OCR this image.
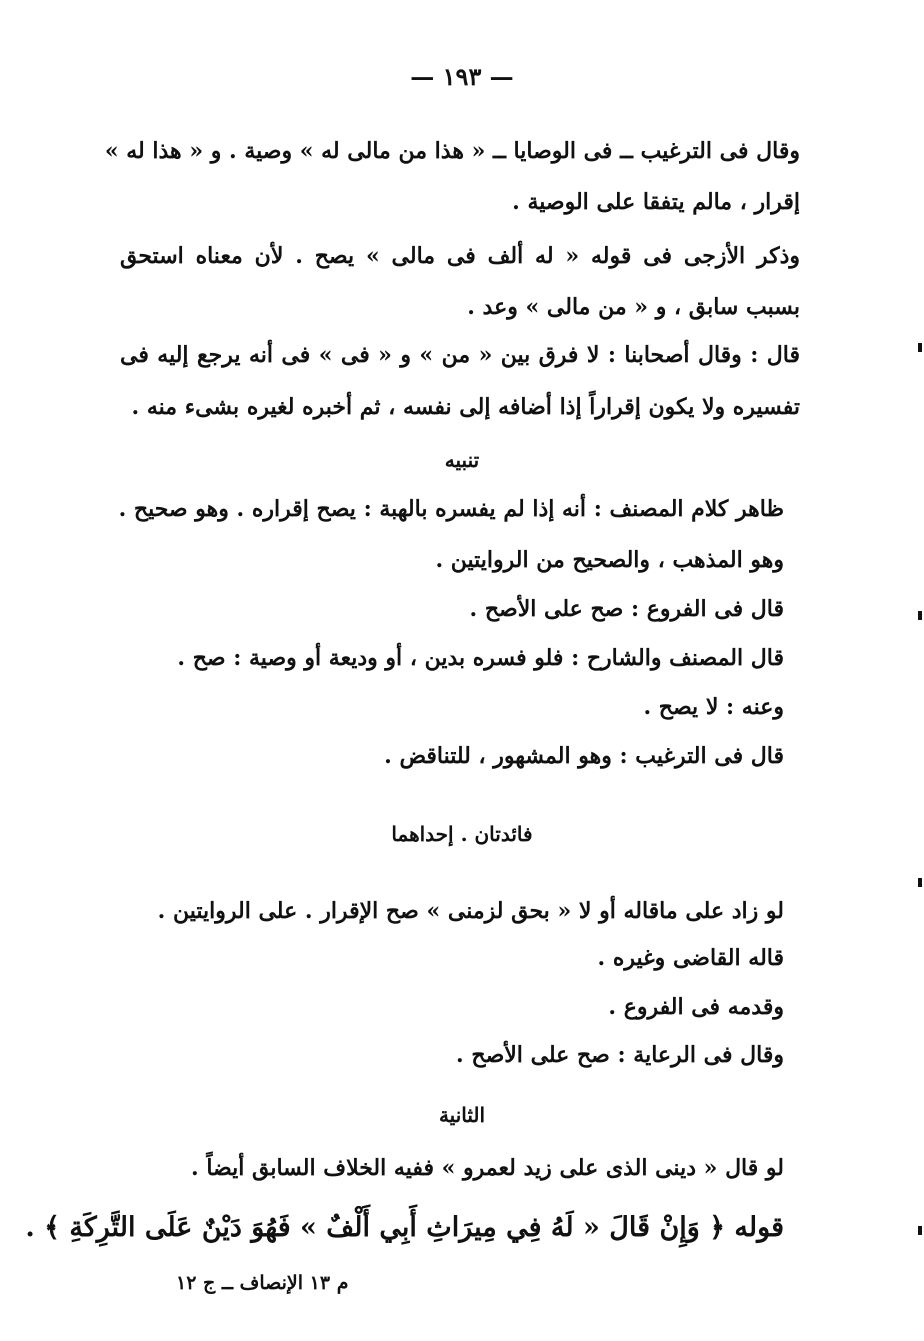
— ١٩٣ —
وقال فى الترغيب ــ فى الوصايا ــ « هذا من مالى له » وصية . و « هذا له »
إقرار ، مالم يتفقا على الوصية .
وذكر الأزجى فى قوله « له ألف فى مالى » يصح . لأن معناه استحق
بسبب سابق ، و « من مالى » وعد .
قال : وقال أصحابنا : لا فرق بين « من » و « فى » فى أنه يرجع إليه فى
تفسيره ولا يكون إقراراً إذا أضافه إلى نفسه ، ثم أخبره لغيره بشىء منه .
تنبيه
ظاهر كلام المصنف : أنه إذا لم يفسره بالهبة : يصح إقراره . وهو صحيح .
وهو المذهب ، والصحيح من الروايتين .
قال فى الفروع : صح على الأصح .
قال المصنف والشارح : فلو فسره بدين ، أو وديعة أو وصية : صح .
وعنه : لا يصح .
قال فى الترغيب : وهو المشهور ، للتناقض .
فائدتان . إحداهما
لو زاد على ماقاله أو لا « بحق لزمنى » صح الإقرار . على الروايتين .
قاله القاضى وغيره .
وقدمه فى الفروع .
وقال فى الرعاية : صح على الأصح .
الثانية
لو قال « دينى الذى على زيد لعمرو » ففيه الخلاف السابق أيضاً .
قوله ﴿ وَإِنْ قَالَ « لَهُ فِي مِيرَاثِ أَبِي أَلْفٌ » فَهُوَ دَيْنٌ عَلَى التَّرِكَةِ ﴾ .
م ١٣ الإنصاف ــ ج ١٢
